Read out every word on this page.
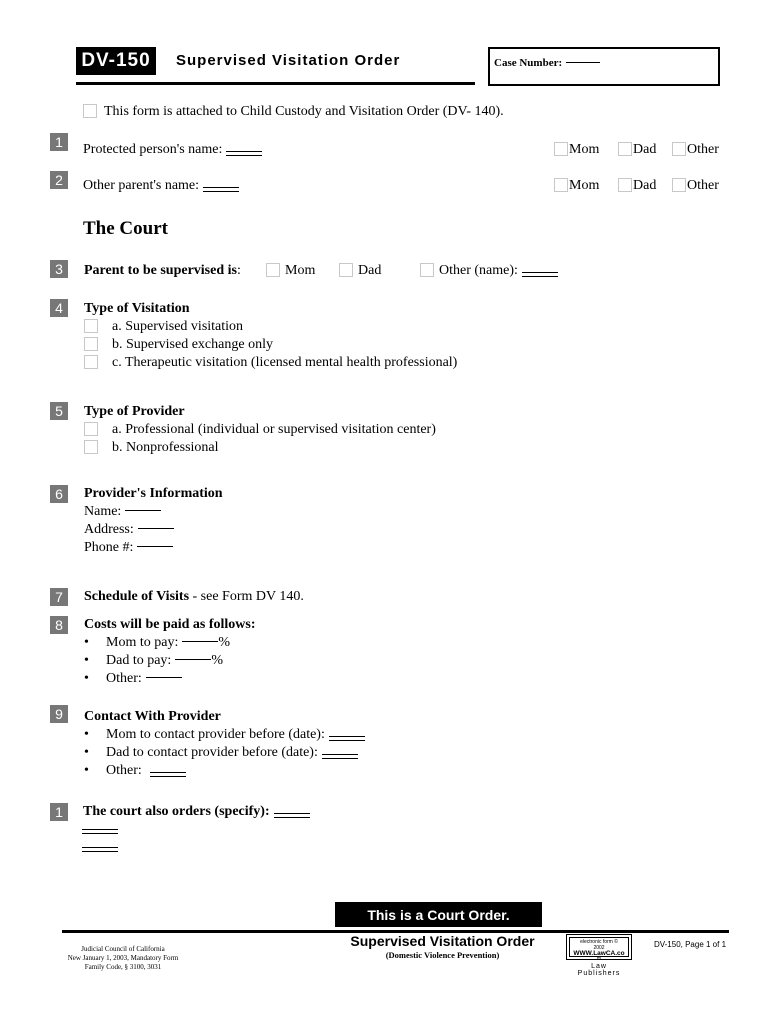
DV-150	Supervised Visitation Order	Case Number:
This form is attached to Child Custody and Visitation Order (DV- 140).
1	Protected person's name:	Mom Dad Other
2	Other parent's name:	Mom Dad Other
The Court
3	Parent to be supervised is:	Mom	Dad	Other (name):
4	Type of Visitation
a. Supervised visitation
b. Supervised exchange only
c. Therapeutic visitation (licensed mental health professional)
5	Type of Provider
a. Professional (individual or supervised visitation center)
b. Nonprofessional
6	Provider's Information
Name:
Address:
Phone #:
7	Schedule of Visits - see Form DV 140.
8	Costs will be paid as follows:
• Mom to pay:	%
• Dad to pay:	%
• Other:
9	Contact With Provider
• Mom to contact provider before (date):
• Dad to contact provider before (date):
• Other:
1	The court also orders (specify):
This is a Court Order.
Judicial Council of California
New January 1, 2003, Mandatory Form
Family Code, § 3100, 3031
Supervised Visitation Order
(Domestic Violence Prevention)
electronic form ©
2002
WWW.LawCA.co
m
Law
Publishers
DV-150, Page 1 of 1
